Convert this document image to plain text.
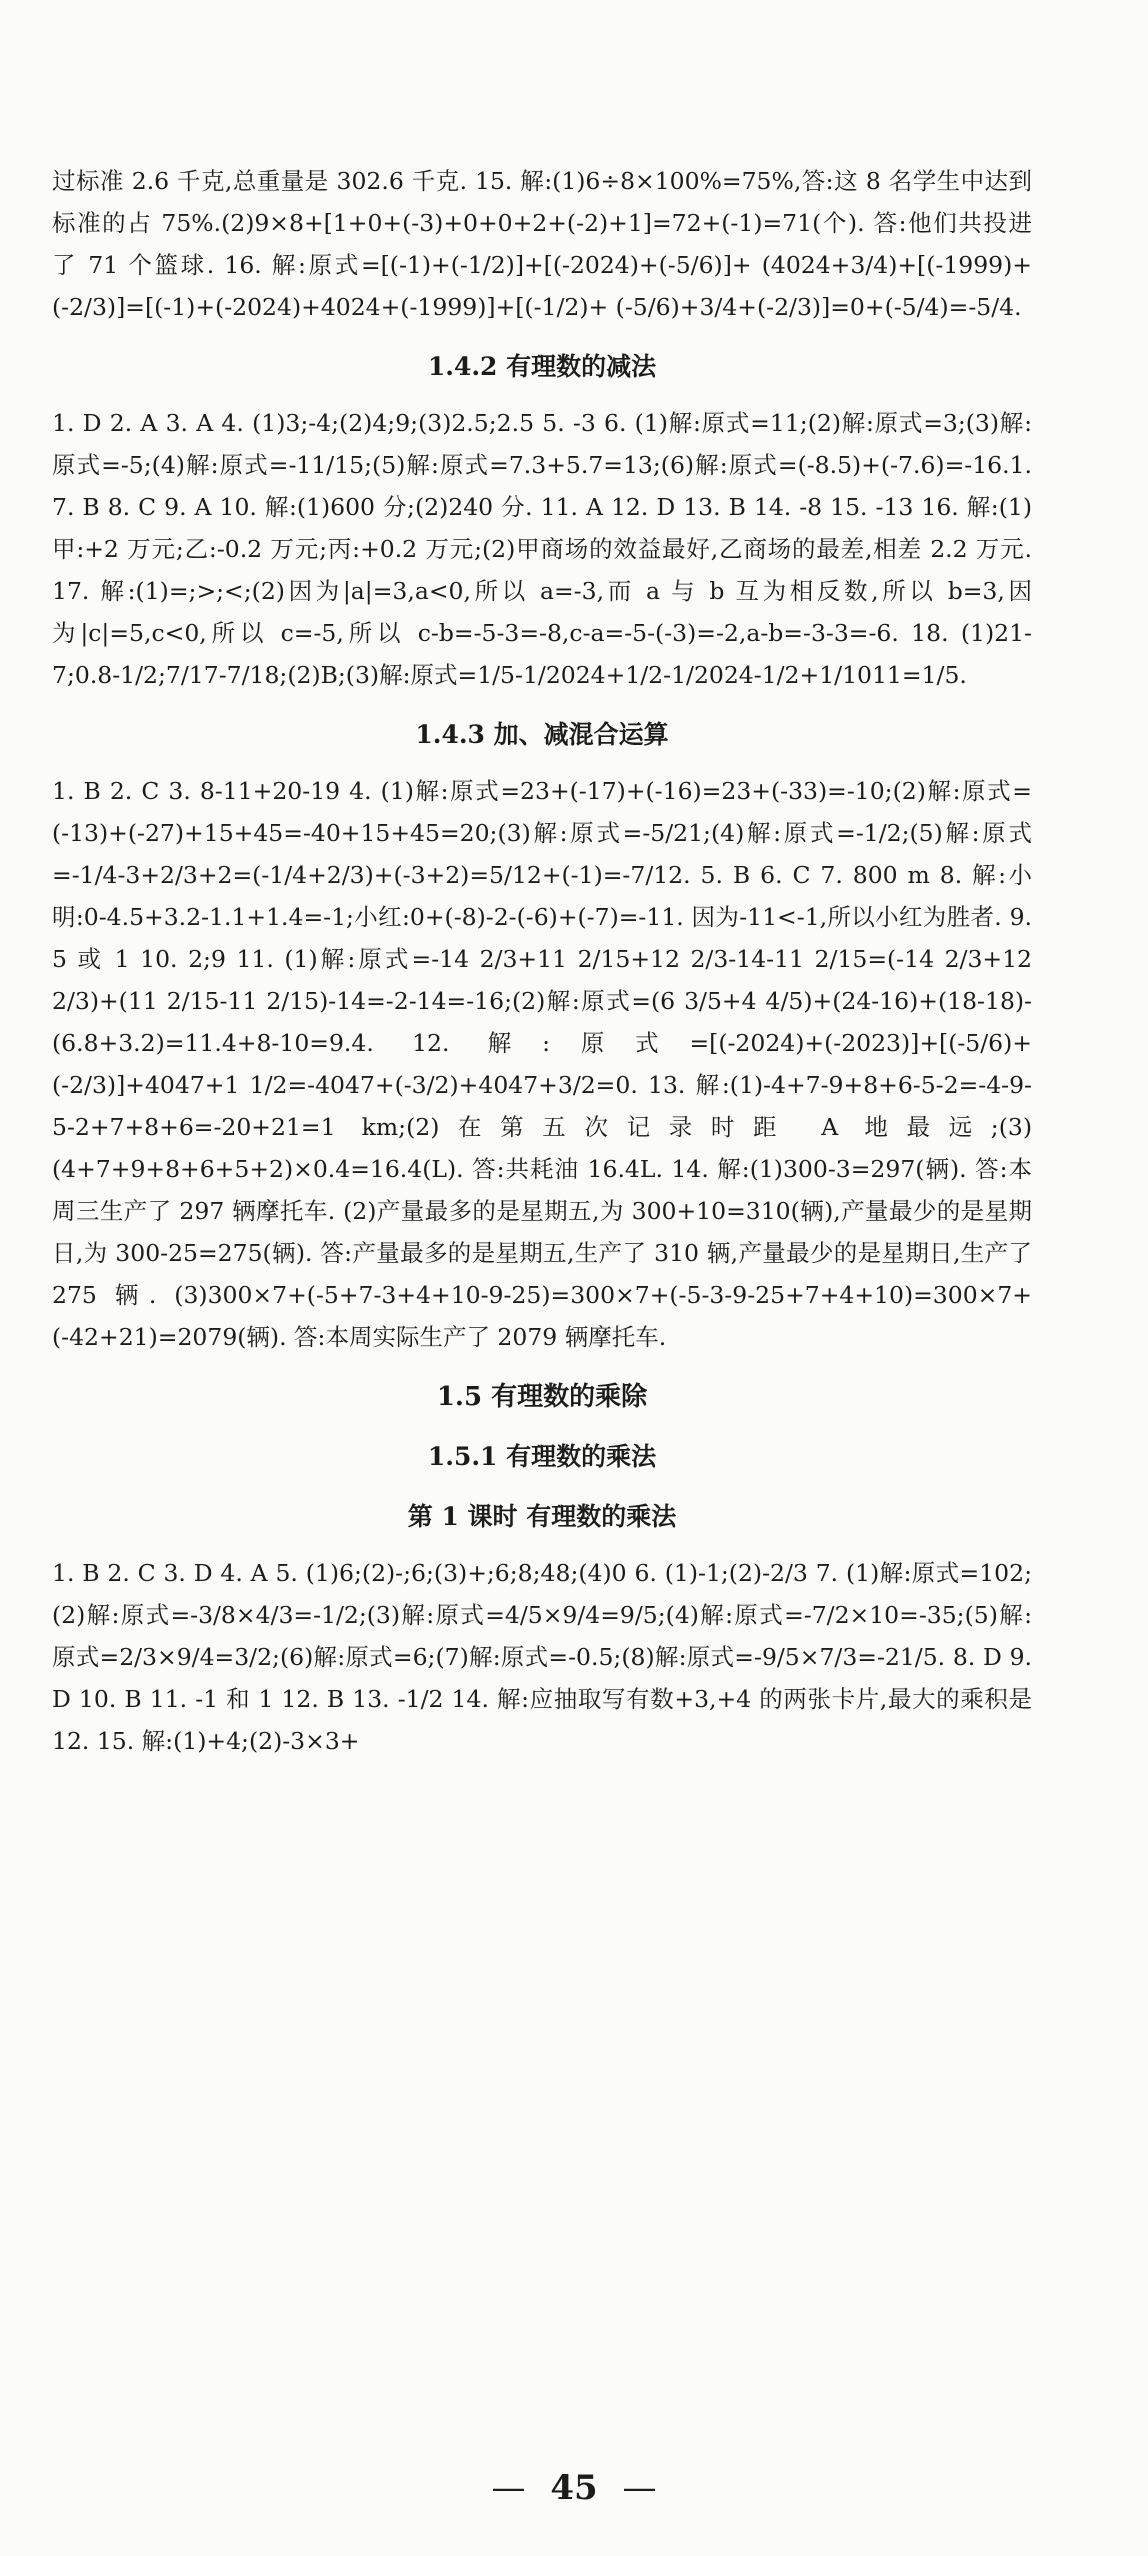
过标准 2.6 千克,总重量是 302.6 千克. 15. 解:(1)6÷8×100%=75%,答:这 8 名学生中达到标准的占 75%.(2)9×8+[1+0+(-3)+0+0+2+(-2)+1]=72+(-1)=71(个). 答:他们共投进了 71 个篮球. 16. 解:原式=[(-1)+(-1/2)]+[(-2024)+(-5/6)]+ (4024+3/4)+[(-1999)+(-2/3)]=[(-1)+(-2024)+4024+(-1999)]+[(-1/2)+ (-5/6)+3/4+(-2/3)]=0+(-5/4)=-5/4.
1.4.2 有理数的减法
1. D 2. A 3. A 4. (1)3;-4;(2)4;9;(3)2.5;2.5 5. -3 6. (1)解:原式=11;(2)解:原式=3;(3)解:原式=-5;(4)解:原式=-11/15;(5)解:原式=7.3+5.7=13;(6)解:原式=(-8.5)+(-7.6)=-16.1. 7. B 8. C 9. A 10. 解:(1)600 分;(2)240 分. 11. A 12. D 13. B 14. -8 15. -13 16. 解:(1)甲:+2 万元;乙:-0.2 万元;丙:+0.2 万元;(2)甲商场的效益最好,乙商场的最差,相差 2.2 万元. 17. 解:(1)=;>;<;(2)因为|a|=3,a<0,所以 a=-3,而 a 与 b 互为相反数,所以 b=3,因为|c|=5,c<0,所以 c=-5,所以 c-b=-5-3=-8,c-a=-5-(-3)=-2,a-b=-3-3=-6. 18. (1)21-7;0.8-1/2;7/17-7/18;(2)B;(3)解:原式=1/5-1/2024+1/2-1/2024-1/2+1/1011=1/5.
1.4.3 加、减混合运算
1. B 2. C 3. 8-11+20-19 4. (1)解:原式=23+(-17)+(-16)=23+(-33)=-10;(2)解:原式=(-13)+(-27)+15+45=-40+15+45=20;(3)解:原式=-5/21;(4)解:原式=-1/2;(5)解:原式=-1/4-3+2/3+2=(-1/4+2/3)+(-3+2)=5/12+(-1)=-7/12. 5. B 6. C 7. 800 m 8. 解:小明:0-4.5+3.2-1.1+1.4=-1;小红:0+(-8)-2-(-6)+(-7)=-11. 因为-11<-1,所以小红为胜者. 9. 5 或 1 10. 2;9 11. (1)解:原式=-14 2/3+11 2/15+12 2/3-14-11 2/15=(-14 2/3+12 2/3)+(11 2/15-11 2/15)-14=-2-14=-16;(2)解:原式=(6 3/5+4 4/5)+(24-16)+(18-18)-(6.8+3.2)=11.4+8-10=9.4. 12. 解:原式=[(-2024)+(-2023)]+[(-5/6)+(-2/3)]+4047+1 1/2=-4047+(-3/2)+4047+3/2=0. 13. 解:(1)-4+7-9+8+6-5-2=-4-9-5-2+7+8+6=-20+21=1 km;(2)在第五次记录时距 A 地最远;(3)(4+7+9+8+6+5+2)×0.4=16.4(L). 答:共耗油 16.4L. 14. 解:(1)300-3=297(辆). 答:本周三生产了 297 辆摩托车. (2)产量最多的是星期五,为 300+10=310(辆),产量最少的是星期日,为 300-25=275(辆). 答:产量最多的是星期五,生产了 310 辆,产量最少的是星期日,生产了 275 辆. (3)300×7+(-5+7-3+4+10-9-25)=300×7+(-5-3-9-25+7+4+10)=300×7+(-42+21)=2079(辆). 答:本周实际生产了 2079 辆摩托车.
1.5 有理数的乘除
1.5.1 有理数的乘法
第 1 课时 有理数的乘法
1. B 2. C 3. D 4. A 5. (1)6;(2)-;6;(3)+;6;8;48;(4)0 6. (1)-1;(2)-2/3 7. (1)解:原式=102;(2)解:原式=-3/8×4/3=-1/2;(3)解:原式=4/5×9/4=9/5;(4)解:原式=-7/2×10=-35;(5)解:原式=2/3×9/4=3/2;(6)解:原式=6;(7)解:原式=-0.5;(8)解:原式=-9/5×7/3=-21/5. 8. D 9. D 10. B 11. -1 和 1 12. B 13. -1/2 14. 解:应抽取写有数+3,+4 的两张卡片,最大的乘积是 12. 15. 解:(1)+4;(2)-3×3+
— 45 —
